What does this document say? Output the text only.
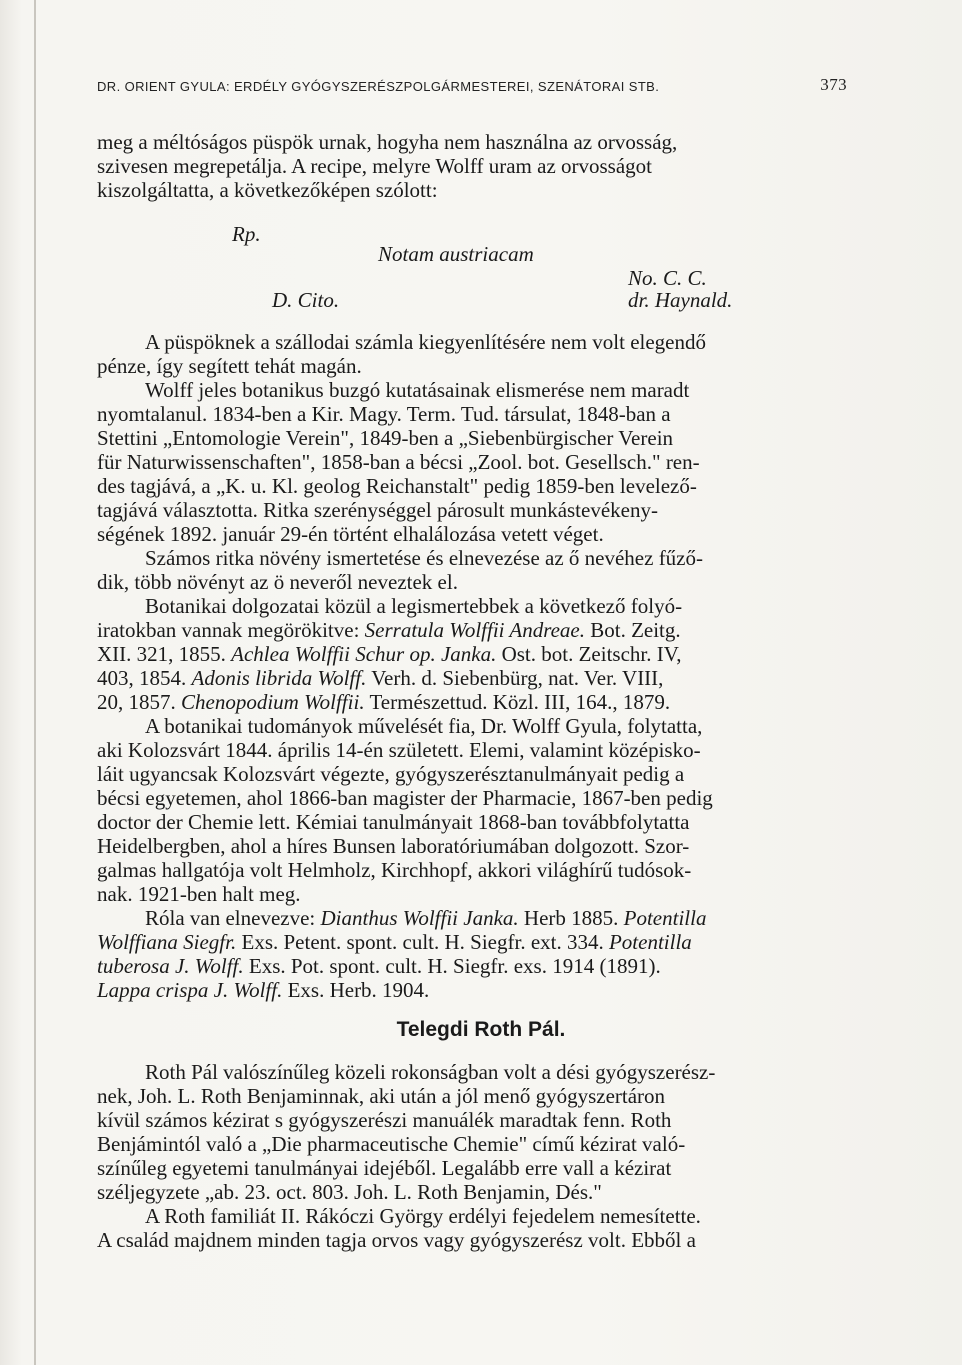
DR. ORIENT GYULA: ERDÉLY GYÓGYSZERÉSZPOLGÁRMESTEREI, SZENÁTORAI STB.	373
meg a méltóságos püspök urnak, hogyha nem használna az orvosság,
szivesen megrepetálja. A recipe, melyre Wolff uram az orvosságot
kiszolgáltatta, a következőképen szólott:
Rp.
Notam austriacam
No. C. C.
D. Cito.	dr. Haynald.
A püspöknek a szállodai számla kiegyenlítésére nem volt elegendő
pénze, így segített tehát magán.
Wolff jeles botanikus buzgó kutatásainak elismerése nem maradt
nyomtalanul. 1834-ben a Kir. Magy. Term. Tud. társulat, 1848-ban a
Stettini „Entomologie Verein", 1849-ben a „Siebenbürgischer Verein
für Naturwissenschaften", 1858-ban a bécsi „Zool. bot. Gesellsch." ren-
des tagjává, a „K. u. Kl. geolog Reichanstalt" pedig 1859-ben levelező-
tagjává választotta. Ritka szerénységgel párosult munkástevékeny-
ségének 1892. január 29-én történt elhalálozása vetett véget.
Számos ritka növény ismertetése és elnevezése az ő nevéhez fűző-
dik, több növényt az ö neveről neveztek el.
Botanikai dolgozatai közül a legismertebbek a következő folyó-
iratokban vannak megörökitve: Serratula Wolffii Andreae. Bot. Zeitg.
XII. 321, 1855. Achlea Wolffii Schur op. Janka. Ost. bot. Zeitschr. IV,
403, 1854. Adonis librida Wolff. Verh. d. Siebenbürg, nat. Ver. VIII,
20, 1857. Chenopodium Wolffii. Természettud. Közl. III, 164., 1879.
A botanikai tudományok művelését fia, Dr. Wolff Gyula, folytatta,
aki Kolozsvárt 1844. április 14-én született. Elemi, valamint középisko-
láit ugyancsak Kolozsvárt végezte, gyógyszerésztanulmányait pedig a
bécsi egyetemen, ahol 1866-ban magister der Pharmacie, 1867-ben pedig
doctor der Chemie lett. Kémiai tanulmányait 1868-ban továbbfolytatta
Heidelbergben, ahol a híres Bunsen laboratóriumában dolgozott. Szor-
galmas hallgatója volt Helmholz, Kirchhopf, akkori világhírű tudósok-
nak. 1921-ben halt meg.
Róla van elnevezve: Dianthus Wolffii Janka. Herb 1885. Potentilla
Wolffiana Siegfr. Exs. Petent. spont. cult. H. Siegfr. ext. 334. Potentilla
tuberosa J. Wolff. Exs. Pot. spont. cult. H. Siegfr. exs. 1914 (1891).
Lappa crispa J. Wolff. Exs. Herb. 1904.
Telegdi Roth Pál.
Roth Pál valószínűleg közeli rokonságban volt a dési gyógyszerész-
nek, Joh. L. Roth Benjaminnak, aki után a jól menő gyógyszertáron
kívül számos kézirat s gyógyszerészi manuálék maradtak fenn. Roth
Benjámintól való a „Die pharmaceutische Chemie" című kézirat való-
színűleg egyetemi tanulmányai idejéből. Legalább erre vall a kézirat
széljegyzete „ab. 23. oct. 803. Joh. L. Roth Benjamin, Dés."
A Roth familiát II. Rákóczi György erdélyi fejedelem nemesítette.
A család majdnem minden tagja orvos vagy gyógyszerész volt. Ebből a
